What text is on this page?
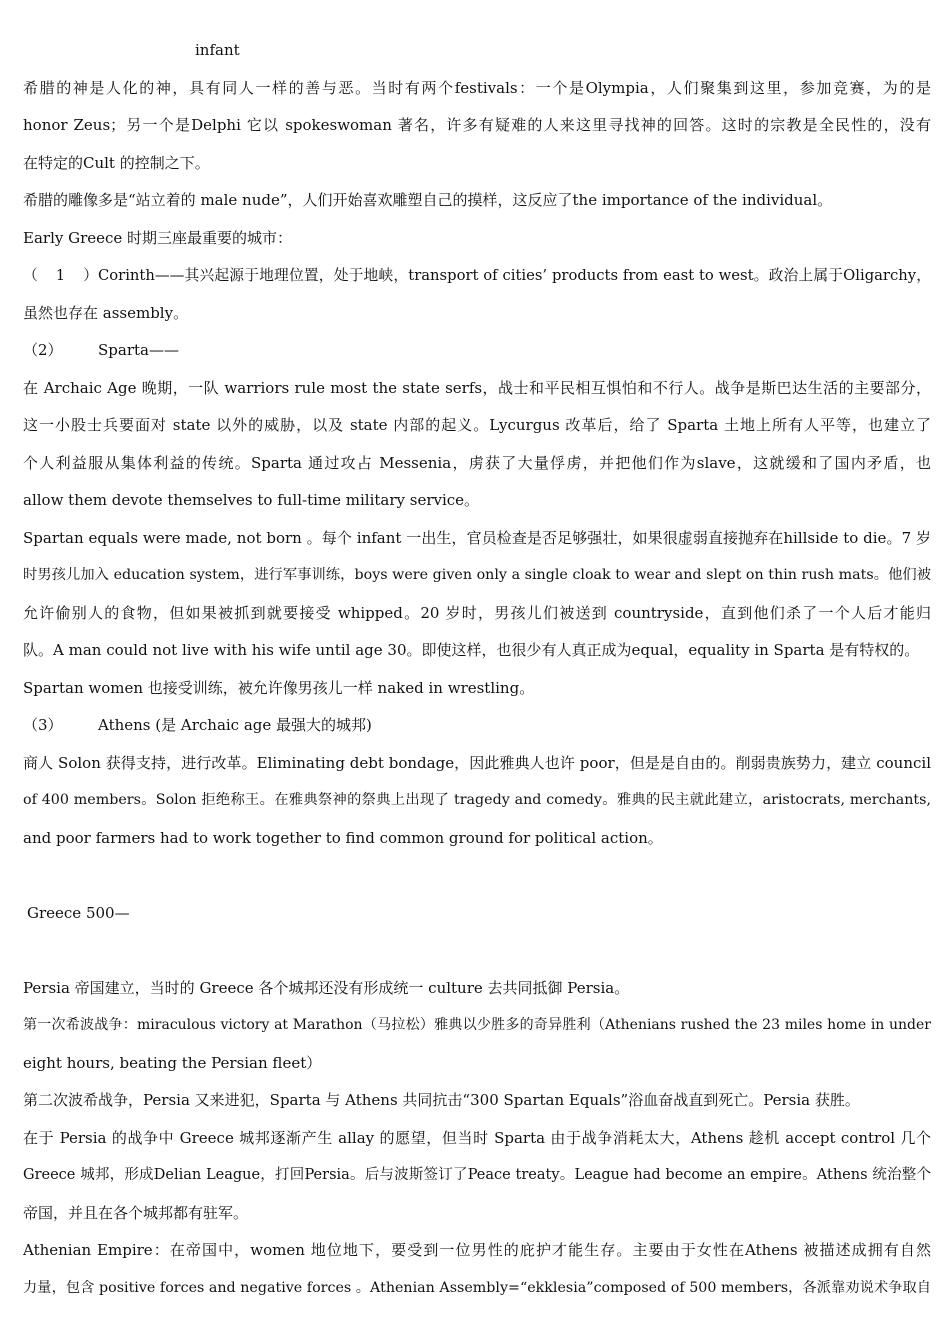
infant
希腊的神是人化的神，具有同人一样的善与恶。当时有两个festivals：一个是Olympia，人们聚集到这里，参加竞赛，为的是
honor Zeus；另一个是Delphi 它以 spokeswoman 著名，许多有疑难的人来这里寻找神的回答。这时的宗教是全民性的，没有
在特定的Cult 的控制之下。
希腊的雕像多是“站立着的 male nude”，人们开始喜欢雕塑自己的摸样，这反应了the importance of the individual。
Early Greece 时期三座最重要的城市：
（1）Corinth——其兴起源于地理位置，处于地峡，transport of cities’ products from east to west。政治上属于Oligarchy，
虽然也存在 assembly。
（2） Sparta——
在 Archaic Age 晚期，一队 warriors rule most the state serfs，战士和平民相互惧怕和不行人。战争是斯巴达生活的主要部分，
这一小股士兵要面对 state 以外的威胁，以及 state 内部的起义。Lycurgus 改革后，给了 Sparta 土地上所有人平等，也建立了
个人利益服从集体利益的传统。Sparta 通过攻占 Messenia，虏获了大量俘虏，并把他们作为slave，这就缓和了国内矛盾，也
allow them devote themselves to full-time military service。
Spartan equals were made, not born 。每个 infant 一出生，官员检查是否足够强壮，如果很虚弱直接抛弃在hillside to die。7 岁
时男孩儿加入 education system，进行军事训练，boys were given only a single cloak to wear and slept on thin rush mats。他们被
允许偷别人的食物，但如果被抓到就要接受 whipped。20 岁时，男孩儿们被送到 countryside，直到他们杀了一个人后才能归
队。A man could not live with his wife until age 30。即使这样，也很少有人真正成为equal，equality in Sparta 是有特权的。
Spartan women 也接受训练，被允许像男孩儿一样 naked in wrestling。
（3） Athens (是 Archaic age 最强大的城邦)
商人 Solon 获得支持，进行改革。Eliminating debt bondage，因此雅典人也许 poor，但是是自由的。削弱贵族势力，建立 council
of 400 members。Solon 拒绝称王。在雅典祭神的祭典上出现了 tragedy and comedy。雅典的民主就此建立，aristocrats, merchants,
and poor farmers had to work together to find common ground for political action。
Greece 500—
Persia 帝国建立，当时的 Greece 各个城邦还没有形成统一 culture 去共同抵御 Persia。
第一次希波战争：miraculous victory at Marathon（马拉松）雅典以少胜多的奇异胜利（Athenians rushed the 23 miles home in under
eight hours, beating the Persian fleet）
第二次波希战争，Persia 又来进犯，Sparta 与 Athens 共同抗击“300 Spartan Equals”浴血奋战直到死亡。Persia 获胜。
在于 Persia 的战争中 Greece 城邦逐渐产生 allay 的愿望，但当时 Sparta 由于战争消耗太大，Athens 趁机 accept control 几个
Greece 城邦，形成Delian League，打回Persia。后与波斯签订了Peace treaty。League had become an empire。Athens 统治整个
帝国，并且在各个城邦都有驻军。
Athenian Empire：在帝国中，women 地位地下，要受到一位男性的庇护才能生存。主要由于女性在Athens 被描述成拥有自然
力量，包含 positive forces and negative forces 。Athenian Assembly=“ekklesia”composed of 500 members，各派靠劝说术争取自
